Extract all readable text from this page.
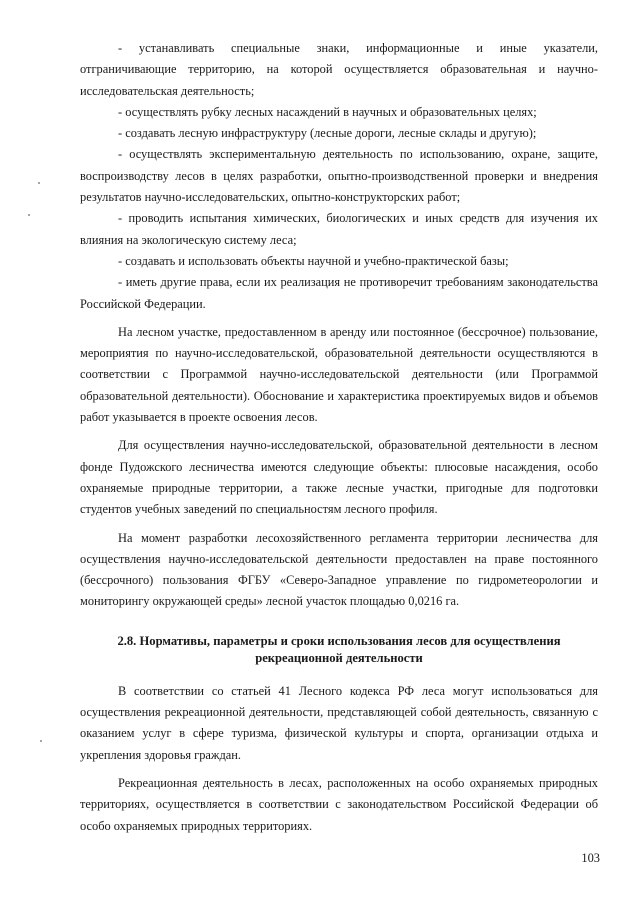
- устанавливать специальные знаки, информационные и иные указатели, отграничивающие территорию, на которой осуществляется образовательная и научно-исследовательская деятельность;

- осуществлять рубку лесных насаждений в научных и образовательных целях;

- создавать лесную инфраструктуру (лесные дороги, лесные склады и другую);

- осуществлять экспериментальную деятельность по использованию, охране, защите, воспроизводству лесов в целях разработки, опытно-производственной проверки и внедрения результатов научно-исследовательских, опытно-конструкторских работ;

- проводить испытания химических, биологических и иных средств для изучения их влияния на экологическую систему леса;

- создавать и использовать объекты научной и учебно-практической базы;

- иметь другие права, если их реализация не противоречит требованиям законодательства Российской Федерации.

На лесном участке, предоставленном в аренду или постоянное (бессрочное) пользование, мероприятия по научно-исследовательской, образовательной деятельности осуществляются в соответствии с Программой научно-исследовательской деятельности (или Программой образовательной деятельности). Обоснование и характеристика проектируемых видов и объемов работ указывается в проекте освоения лесов.

Для осуществления научно-исследовательской, образовательной деятельности в лесном фонде Пудожского лесничества имеются следующие объекты: плюсовые насаждения, особо охраняемые природные территории, а также лесные участки, пригодные для подготовки студентов учебных заведений по специальностям лесного профиля.

На момент разработки лесохозяйственного регламента территории лесничества для осуществления научно-исследовательской деятельности предоставлен на праве постоянного (бессрочного) пользования ФГБУ «Северо-Западное управление по гидрометеорологии и мониторингу окружающей среды» лесной участок площадью 0,0216 га.

2.8. Нормативы, параметры и сроки использования лесов для осуществления
рекреационной деятельности

В соответствии со статьей 41 Лесного кодекса РФ леса могут использоваться для осуществления рекреационной деятельности, представляющей собой деятельность, связанную с оказанием услуг в сфере туризма, физической культуры и спорта, организации отдыха и укрепления здоровья граждан.

Рекреационная деятельность в лесах, расположенных на особо охраняемых природных территориях, осуществляется в соответствии с законодательством Российской Федерации об особо охраняемых природных территориях.

103
